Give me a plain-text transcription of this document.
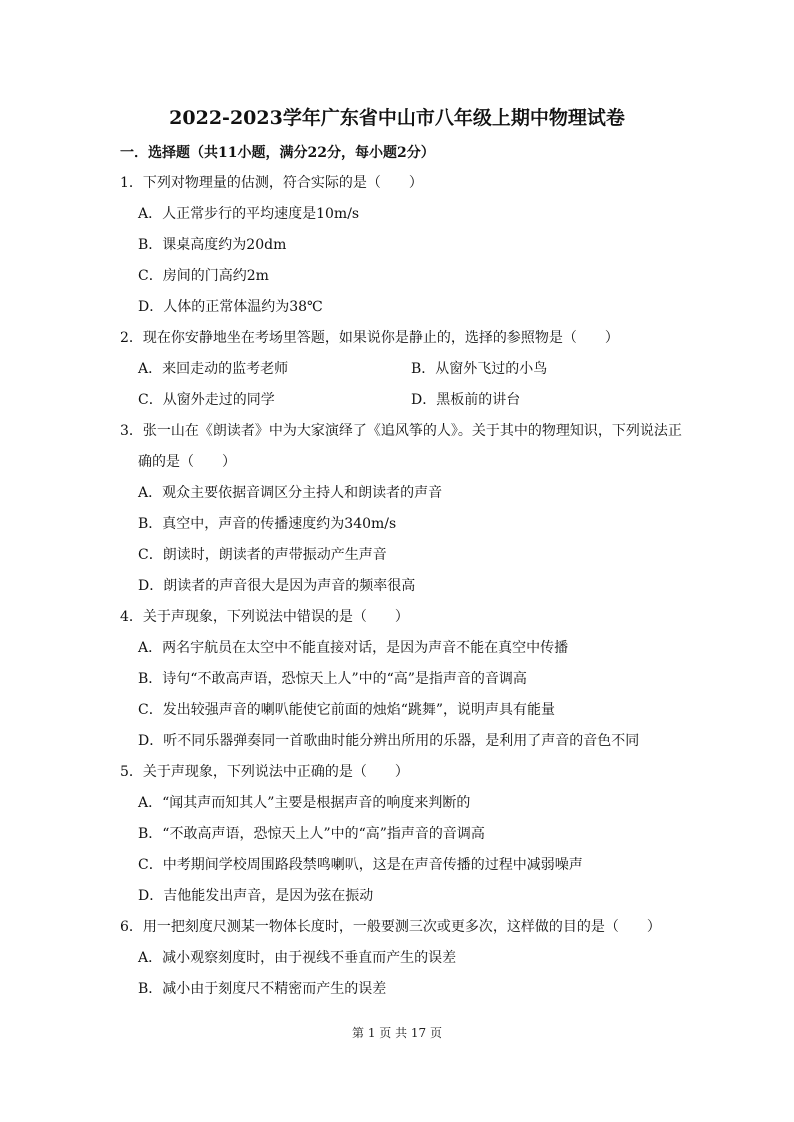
2022-2023学年广东省中山市八年级上期中物理试卷
一．选择题（共11小题，满分22分，每小题2分）
1．下列对物理量的估测，符合实际的是（　　）
A．人正常步行的平均速度是10m/s
B．课桌高度约为20dm
C．房间的门高约2m
D．人体的正常体温约为38℃
2．现在你安静地坐在考场里答题，如果说你是静止的，选择的参照物是（　　）
A．来回走动的监考老师	B．从窗外飞过的小鸟
C．从窗外走过的同学	D．黑板前的讲台
3．张一山在《朗读者》中为大家演绎了《追风筝的人》。关于其中的物理知识，下列说法正确的是（　　）
A．观众主要依据音调区分主持人和朗读者的声音
B．真空中，声音的传播速度约为340m/s
C．朗读时，朗读者的声带振动产生声音
D．朗读者的声音很大是因为声音的频率很高
4．关于声现象，下列说法中错误的是（　　）
A．两名宇航员在太空中不能直接对话，是因为声音不能在真空中传播
B．诗句“不敢高声语，恐惊天上人”中的“高”是指声音的音调高
C．发出较强声音的喇叭能使它前面的烛焰“跳舞”，说明声具有能量
D．听不同乐器弹奏同一首歌曲时能分辨出所用的乐器，是利用了声音的音色不同
5．关于声现象，下列说法中正确的是（　　）
A．“闻其声而知其人”主要是根据声音的响度来判断的
B．“不敢高声语，恐惊天上人”中的“高”指声音的音调高
C．中考期间学校周围路段禁鸣喇叭，这是在声音传播的过程中减弱噪声
D．吉他能发出声音，是因为弦在振动
6．用一把刻度尺测某一物体长度时，一般要测三次或更多次，这样做的目的是（　　）
A．减小观察刻度时，由于视线不垂直而产生的误差
B．减小由于刻度尺不精密而产生的误差
第 1 页 共 17 页
